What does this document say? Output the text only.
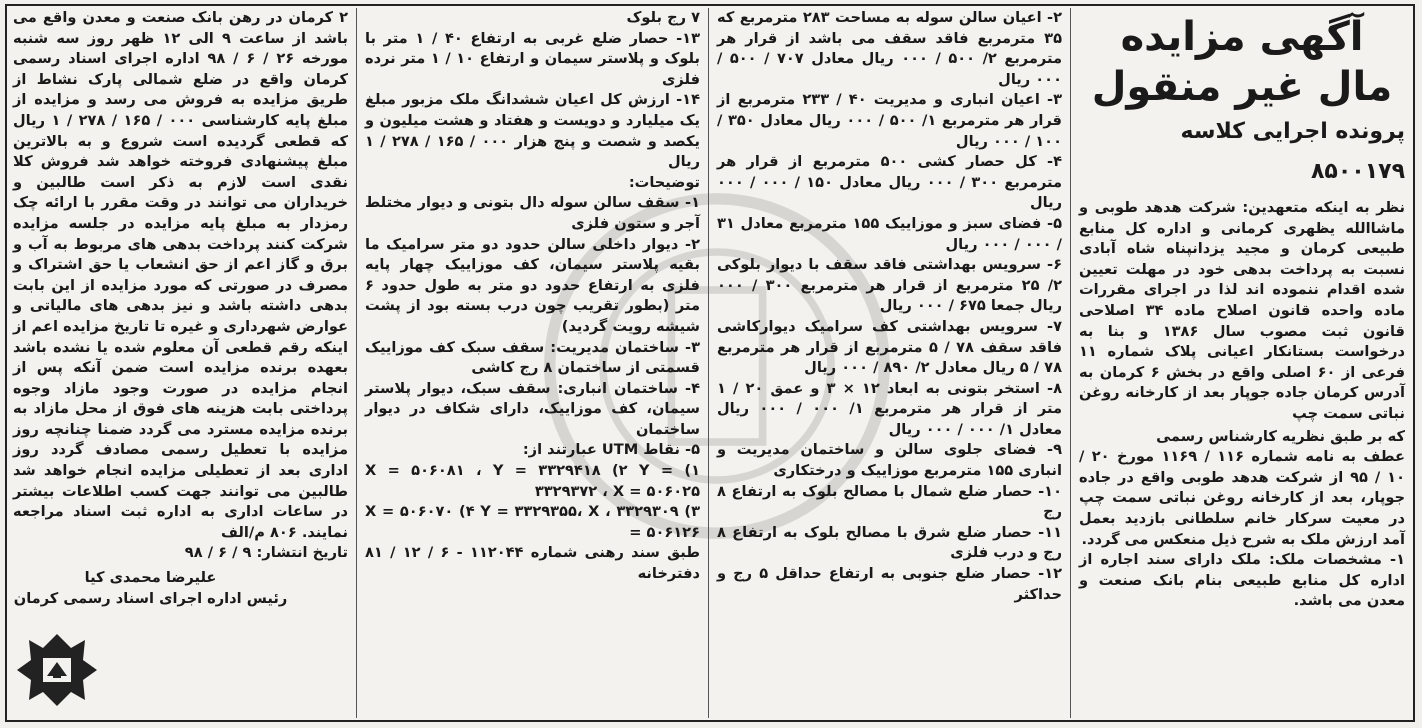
آگهی مزایده
مال غیر منقول
پرونده اجرایی کلاسه ۸۵۰۰۱۷۹

نظر به اینکه متعهدین: شرکت هدهد طوبی و ماشاالله یظهری کرمانی و اداره کل منابع طبیعی کرمان و مجید یزدانپناه شاه آبادی نسبت به پرداخت بدهی خود در مهلت تعیین شده اقدام ننموده اند لذا در اجرای مقررات ماده واحده قانون اصلاح ماده ۳۴ اصلاحی قانون ثبت مصوب سال ۱۳۸۶ و بنا به درخواست بستانکار اعیانی پلاک شماره ۱۱ فرعی از ۶۰ اصلی واقع در بخش ۶ کرمان به آدرس کرمان جاده جوپار بعد از کارخانه روغن نباتی سمت چپ

که بر طبق نظریه کارشناس رسمی

عطف به نامه شماره ۱۱۶ / ۱۱۶۹ مورخ ۲۰ / ۱۰ / ۹۵ از شرکت هدهد طوبی واقع در جاده جوپار، بعد از کارخانه روغن نباتی سمت چپ در معیت سرکار خانم سلطانی بازدید بعمل آمد ارزش ملک به شرح ذیل منعکس می گردد.

۱- مشخصات ملک: ملک دارای سند اجاره از اداره کل منابع طبیعی بنام بانک صنعت و معدن می باشد.

۲- اعیان سالن سوله به مساحت ۲۸۳ مترمربع که ۳۵ مترمربع فاقد سقف می باشد از قرار هر مترمربع ۲/ ۵۰۰ / ۰۰۰ ریال معادل ۷۰۷ / ۵۰۰ / ۰۰۰ ریال

۳- اعیان انباری و مدیریت ۴۰ / ۲۳۳ مترمربع از قرار هر مترمربع ۱/ ۵۰۰ / ۰۰۰ ریال معادل ۳۵۰ / ۱۰۰ / ۰۰۰ ریال

۴- کل حصار کشی ۵۰۰ مترمربع از قرار هر مترمربع ۳۰۰ / ۰۰۰ ریال معادل ۱۵۰ / ۰۰۰ / ۰۰۰ ریال

۵- فضای سبز و موزاییک ۱۵۵ مترمربع معادل ۳۱ / ۰۰۰ / ۰۰۰ ریال

۶- سرویس بهداشتی فاقد سقف با دیوار بلوکی ۲/ ۲۵ مترمربع از قرار هر مترمربع ۳۰۰ / ۰۰۰ ریال جمعا ۶۷۵ / ۰۰۰ ریال

۷- سرویس بهداشتی کف سرامیک دیوارکاشی فاقد سقف ۷۸ / ۵ مترمربع از قرار هر مترمربع ۷۸ / ۵ ریال معادل ۲/ ۸۹۰ / ۰۰۰ ریال

۸- استخر بتونی به ابعاد ۱۲ × ۳ و عمق ۲۰ / ۱ متر از قرار هر مترمربع ۱/ ۰۰۰ / ۰۰۰ ریال معادل ۱/ ۰۰۰ / ۰۰۰ ریال

۹- فضای جلوی سالن و ساختمان مدیریت و انباری ۱۵۵ مترمربع موزاییک و درختکاری

۱۰- حصار ضلع شمال با مصالح بلوک به ارتفاع ۸ رج

۱۱- حصار ضلع شرق با مصالح بلوک به ارتفاع ۸ رج و درب فلزی

۱۲- حصار ضلع جنوبی به ارتفاع حداقل ۵ رج و حداکثر

۷ رج بلوک

۱۳- حصار ضلع غربی به ارتفاع ۴۰ / ۱ متر با بلوک و پلاستر سیمان و ارتفاع ۱۰ / ۱ متر نرده فلزی

۱۴- ارزش کل اعیان ششدانگ ملک مزبور مبلغ یک میلیارد و دویست و هفتاد و هشت میلیون و یکصد و شصت و پنج هزار ۰۰۰ / ۱۶۵ / ۲۷۸ / ۱ ریال

توضیحات:

۱- سقف سالن سوله دال بتونی و دیوار مختلط آجر و ستون فلزی

۲- دیوار داخلی سالن حدود دو متر سرامیک ما بقیه پلاستر سیمان، کف موزاییک چهار پایه فلزی به ارتفاع حدود دو متر به طول حدود ۶ متر (بطور تقریب چون درب بسته بود از پشت شیشه رویت گردید)

۳- ساختمان مدیریت: سقف سبک کف موزاییک قسمتی از ساختمان ۸ رج کاشی

۴- ساختمان انباری: سقف سبک، دیوار پلاستر سیمان، کف موزاییک، دارای شکاف در دیوار ساختمان

۵- نقاط UTM عبارتند از:

۱) X = ۵۰۶۰۸۱ ، Y = ۳۳۲۹۴۱۸ (۲ Y = ۳۳۲۹۳۷۲ ، X = ۵۰۶۰۲۵

۳) ۳۳۲۹۳۰۹ ، X = ۵۰۶۰۷۰ (۴ Y = ۳۳۲۹۳۵۵، X = ۵۰۶۱۲۶

طبق سند رهنی شماره ۱۱۲۰۴۴ - ۶ / ۱۲ / ۸۱ دفترخانه

۲ کرمان در رهن بانک صنعت و معدن واقع می باشد از ساعت ۹ الی ۱۲ ظهر روز سه شنبه مورخه ۲۶ / ۶ / ۹۸ اداره اجرای اسناد رسمی کرمان واقع در ضلع شمالی پارک نشاط از طریق مزایده به فروش می رسد و مزایده از مبلغ پایه کارشناسی ۰۰۰ / ۱۶۵ / ۲۷۸ / ۱ ریال که قطعی گردیده است شروع و به بالاترین مبلغ پیشنهادی فروخته خواهد شد فروش کلا نقدی است لازم به ذکر است طالبین و خریداران می توانند در وقت مقرر با ارائه چک رمزدار به مبلغ پایه مزایده در جلسه مزایده شرکت کنند پرداخت بدهی های مربوط به آب و برق و گاز اعم از حق انشعاب یا حق اشتراک و مصرف در صورتی که مورد مزایده از این بابت بدهی داشته باشد و نیز بدهی های مالیاتی و عوارض شهرداری و غیره تا تاریخ مزایده اعم از اینکه رقم قطعی آن معلوم شده یا نشده باشد بعهده برنده مزایده است ضمن آنکه پس از انجام مزایده در صورت وجود مازاد وجوه پرداختی بابت هزینه های فوق از محل مازاد به برنده مزایده مسترد می گردد ضمنا چنانچه روز مزایده با تعطیل رسمی مصادف گردد روز اداری بعد از تعطیلی مزایده انجام خواهد شد طالبین می توانند جهت کسب اطلاعات بیشتر در ساعات اداری به اداره ثبت اسناد مراجعه نمایند. ۸۰۶ م/الف

تاریخ انتشار: ۹ / ۶ / ۹۸

علیرضا محمدی کیا
رئیس اداره اجرای اسناد رسمی کرمان
